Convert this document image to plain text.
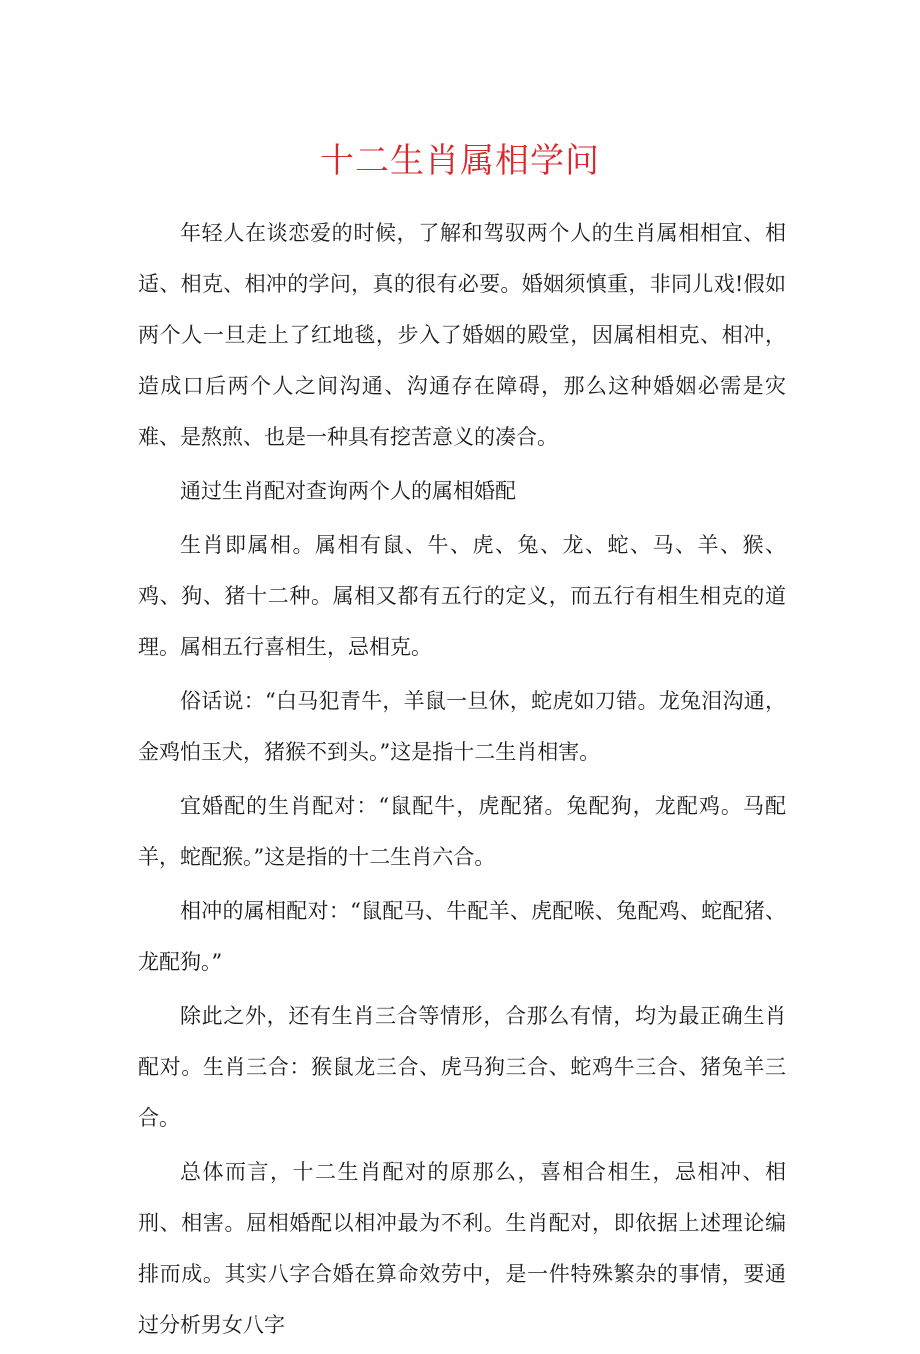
十二生肖属相学问

年轻人在谈恋爱的时候，了解和驾驭两个人的生肖属相相宜、相适、相克、相冲的学问，真的很有必要。婚姻须慎重，非同儿戏!假如两个人一旦走上了红地毯，步入了婚姻的殿堂，因属相相克、相冲，造成口后两个人之间沟通、沟通存在障碍，那么这种婚姻必需是灾难、是熬煎、也是一种具有挖苦意义的凑合。

通过生肖配对查询两个人的属相婚配

生肖即属相。属相有鼠、牛、虎、兔、龙、蛇、马、羊、猴、鸡、狗、猪十二种。属相又都有五行的定义，而五行有相生相克的道理。属相五行喜相生，忌相克。

俗话说：“白马犯青牛，羊鼠一旦休，蛇虎如刀错。龙兔泪沟通，金鸡怕玉犬，猪猴不到头。”这是指十二生肖相害。

宜婚配的生肖配对：“鼠配牛，虎配猪。兔配狗，龙配鸡。马配羊，蛇配猴。”这是指的十二生肖六合。

相冲的属相配对：“鼠配马、牛配羊、虎配喉、兔配鸡、蛇配猪、龙配狗。”

除此之外，还有生肖三合等情形，合那么有情，均为最正确生肖配对。生肖三合：猴鼠龙三合、虎马狗三合、蛇鸡牛三合、猪兔羊三合。

总体而言，十二生肖配对的原那么，喜相合相生，忌相冲、相刑、相害。屈相婚配以相冲最为不利。生肖配对，即依据上述理论编排而成。其实八字合婚在算命效劳中，是一件特殊繁杂的事情，要通过分析男女八字
